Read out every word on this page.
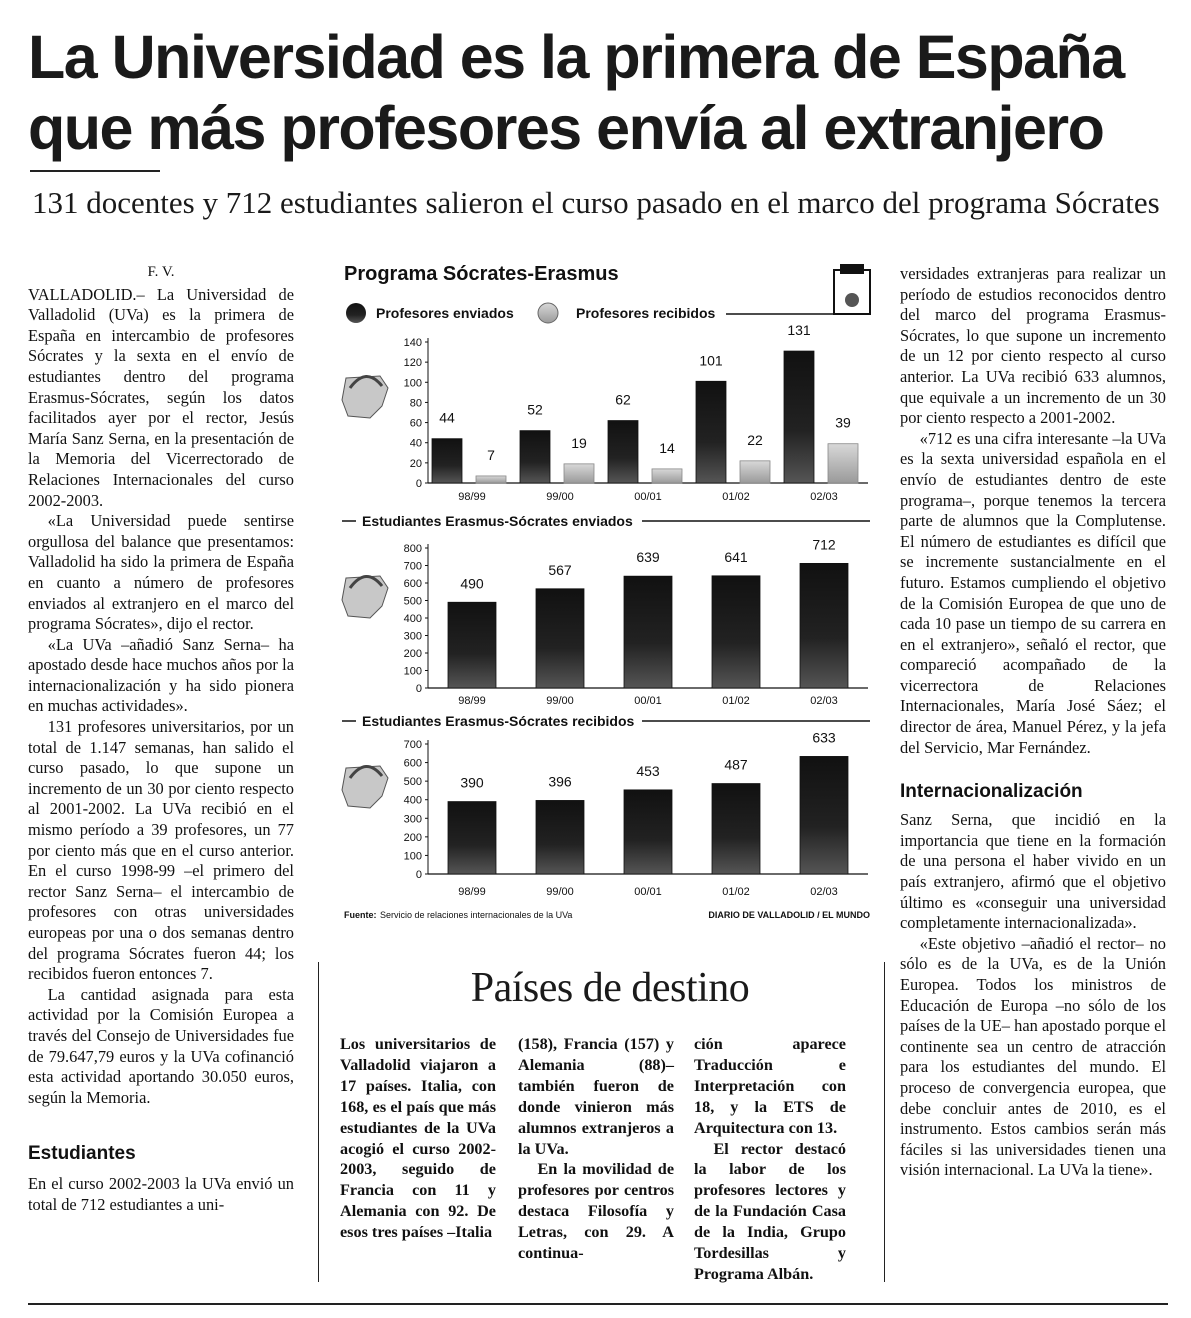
La Universidad es la primera de España
que más profesores envía al extranjero
131 docentes y 712 estudiantes salieron el curso pasado en el marco del programa Sócrates
F. V.

VALLADOLID.– La Universidad de Valladolid (UVa) es la primera de España en intercambio de profesores Sócrates y la sexta en el envío de estudiantes dentro del programa Erasmus-Sócrates, según los datos facilitados ayer por el rector, Jesús María Sanz Serna, en la presentación de la Memoria del Vicerrectorado de Relaciones Internacionales del curso 2002-2003.

«La Universidad puede sentirse orgullosa del balance que presentamos: Valladolid ha sido la primera de España en cuanto a número de profesores enviados al extranjero en el marco del programa Sócrates», dijo el rector.

«La UVa –añadió Sanz Serna– ha apostado desde hace muchos años por la internacionalización y ha sido pionera en muchas actividades».

131 profesores universitarios, por un total de 1.147 semanas, han salido el curso pasado, lo que supone un incremento de un 30 por ciento respecto al 2001-2002. La UVa recibió en el mismo período a 39 profesores, un 77 por ciento más que en el curso anterior. En el curso 1998-99 –el primero del rector Sanz Serna– el intercambio de profesores con otras universidades europeas por una o dos semanas dentro del programa Sócrates fueron 44; los recibidos fueron entonces 7.

La cantidad asignada para esta actividad por la Comisión Europea a través del Consejo de Universidades fue de 79.647,79 euros y la UVa cofinanció esta actividad aportando 30.050 euros, según la Memoria.

Estudiantes

En el curso 2002-2003 la UVa envió un total de 712 estudiantes a uni-

Programa Sócrates-Erasmus
Profesores enviados	Profesores recibidos
0
20
40
60
80
100
120
140
98/99
44
7
99/00
52
19
00/01
62
14
01/02
101
22
02/03
131
39
Estudiantes Erasmus-Sócrates enviados
0
100
200
300
400
500
600
700
800
98/99
490
99/00
567
00/01
639
01/02
641
02/03
712
Estudiantes Erasmus-Sócrates recibidos
0
100
200
300
400
500
600
700
98/99
390
99/00
396
00/01
453
01/02
487
02/03
633
Fuente: Servicio de relaciones internacionales de la UVa	DIARIO DE VALLADOLID / EL MUNDO
Países de destino

Los universitarios de Valladolid viajaron a 17 países. Italia, con 168, es el país que más estudiantes de la UVa acogió el curso 2002-2003, seguido de Francia con 11 y Alemania con 92. De esos tres países –Italia

(158), Francia (157) y Alemania (88)– también fueron de donde vinieron más alumnos extranjeros a la UVa.

En la movilidad de profesores por centros destaca Filosofía y Letras, con 29. A continua-

ción aparece Traducción e Interpretación con 18, y la ETS de Arquitectura con 13.

El rector destacó la labor de los profesores lectores y de la Fundación Casa de la India, Grupo Tordesillas y Programa Albán.

versidades extranjeras para realizar un período de estudios reconocidos dentro del marco del programa Erasmus-Sócrates, lo que supone un incremento de un 12 por ciento respecto al curso anterior. La UVa recibió 633 alumnos, que equivale a un incremento de un 30 por ciento respecto a 2001-2002.

«712 es una cifra interesante –la UVa es la sexta universidad española en el envío de estudiantes dentro de este programa–, porque tenemos la tercera parte de alumnos que la Complutense. El número de estudiantes es difícil que se incremente sustancialmente en el futuro. Estamos cumpliendo el objetivo de la Comisión Europea de que uno de cada 10 pase un tiempo de su carrera en en el extranjero», señaló el rector, que compareció acompañado de la vicerrectora de Relaciones Internacionales, María José Sáez; el director de área, Manuel Pérez, y la jefa del Servicio, Mar Fernández.

Internacionalización

Sanz Serna, que incidió en la importancia que tiene en la formación de una persona el haber vivido en un país extranjero, afirmó que el objetivo último es «conseguir una universidad completamente internacionalizada».

«Este objetivo –añadió el rector– no sólo es de la UVa, es de la Unión Europea. Todos los ministros de Educación de Europa –no sólo de los países de la UE– han apostado porque el continente sea un centro de atracción para los estudiantes del mundo. El proceso de convergencia europea, que debe concluir antes de 2010, es el instrumento. Estos cambios serán más fáciles si las universidades tienen una visión internacional. La UVa la tiene».
